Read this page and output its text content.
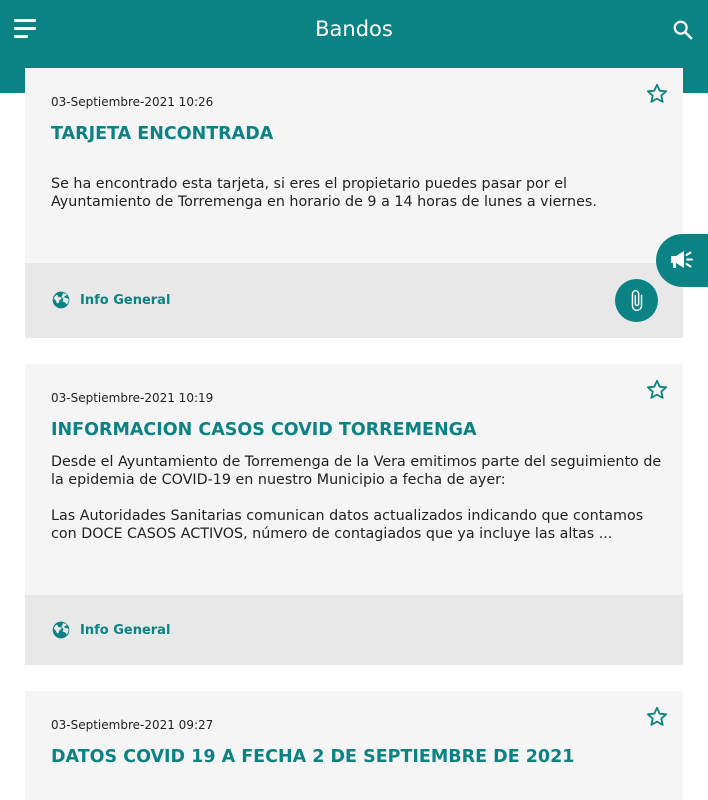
Bandos
03-Septiembre-2021 10:26
TARJETA ENCONTRADA

Se ha encontrado esta tarjeta, si eres el propietario puedes pasar por el Ayuntamiento de Torremenga en horario de 9 a 14 horas de lunes a viernes.

Info General
03-Septiembre-2021 10:19
INFORMACION CASOS COVID TORREMENGA

Desde el Ayuntamiento de Torremenga de la Vera emitimos parte del seguimiento de la epidemia de COVID-19 en nuestro Municipio a fecha de ayer:

Las Autoridades Sanitarias comunican datos actualizados indicando que contamos con DOCE CASOS ACTIVOS, número de contagiados que ya incluye las altas ...

Info General
03-Septiembre-2021 09:27
DATOS COVID 19 A FECHA 2 DE SEPTIEMBRE DE 2021
